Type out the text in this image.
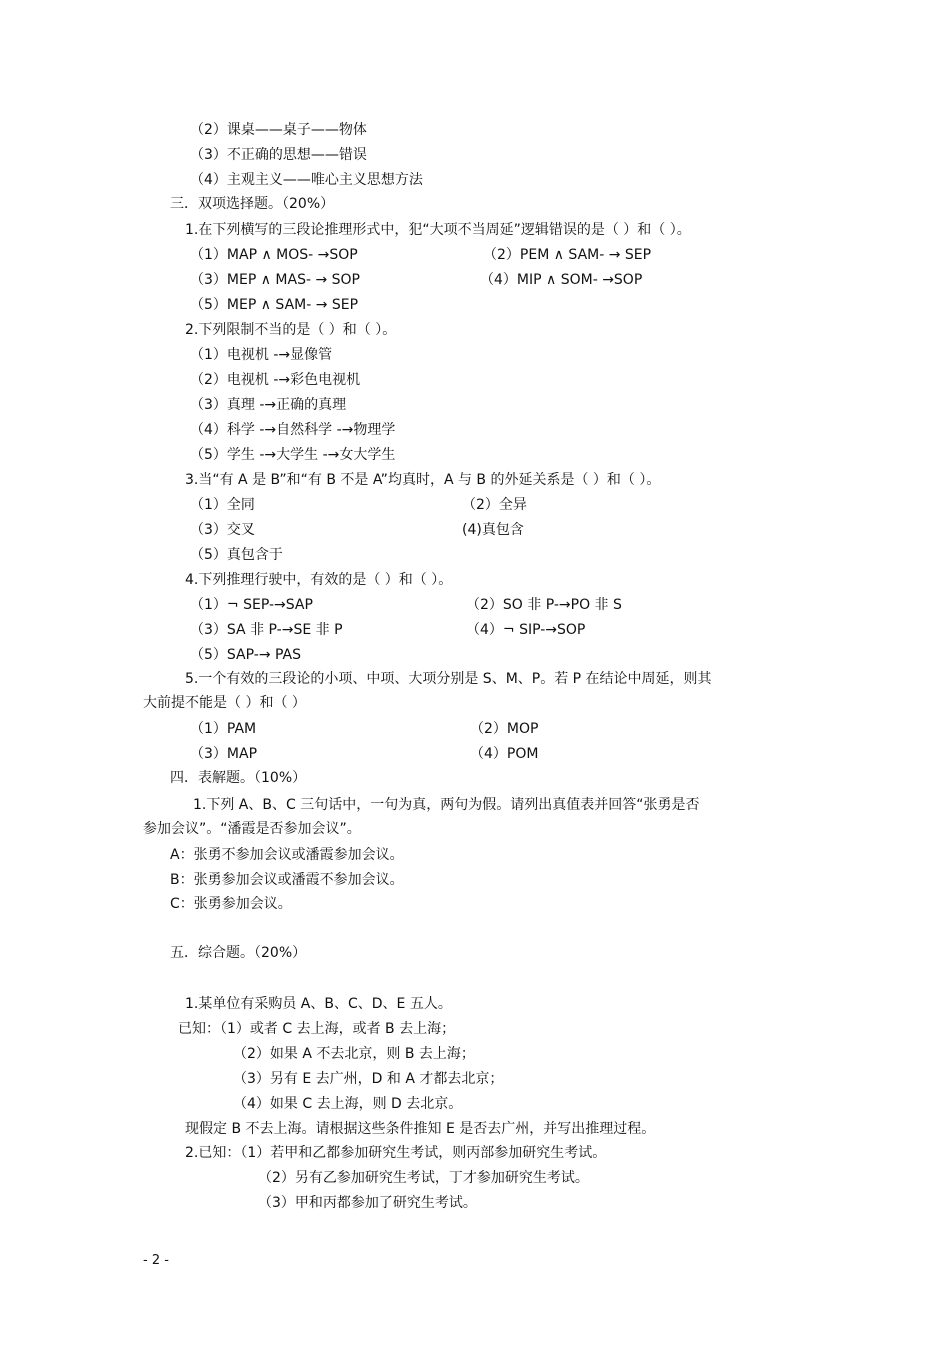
（2）课桌——桌子——物体
（3）不正确的思想——错误
（4）主观主义——唯心主义思想方法
三．双项选择题。（20%）
1.在下列横写的三段论推理形式中，犯“大项不当周延”逻辑错误的是（ ）和（ ）。
（1）MAP ∧ MOS- →SOP	（2）PEM ∧ SAM- → SEP
（3）MEP ∧ MAS- → SOP	（4）MIP ∧ SOM- →SOP
（5）MEP ∧ SAM- → SEP
2.下列限制不当的是（ ）和（ ）。
（1）电视机 -→显像管
（2）电视机 -→彩色电视机
（3）真理 -→正确的真理
（4）科学 -→自然科学 -→物理学
（5）学生 -→大学生 -→女大学生
3.当“有 A 是 B”和“有 B 不是 A”均真时，A 与 B 的外延关系是（ ）和（ ）。
（1）全同	（2）全异
（3）交叉	(4)真包含
（5）真包含于
4.下列推理行驶中，有效的是（ ）和（ ）。
（1）¬ SEP-→SAP	（2）SO 非 P-→PO 非 S
（3）SA 非 P-→SE 非 P	（4）¬ SIP-→SOP
（5）SAP-→ PAS
5.一个有效的三段论的小项、中项、大项分别是 S、M、P。若 P 在结论中周延，则其
大前提不能是（ ）和（ ）
（1）PAM	（2）MOP
（3）MAP	（4）POM
四．表解题。（10%）
1.下列 A、B、C 三句话中，一句为真，两句为假。请列出真值表并回答“张勇是否
参加会议”。“潘霞是否参加会议”。
A：张勇不参加会议或潘霞参加会议。
B：张勇参加会议或潘霞不参加会议。
C：张勇参加会议。
五．综合题。（20%）
1.某单位有采购员 A、B、C、D、E 五人。
已知：（1）或者 C 去上海，或者 B 去上海；
（2）如果 A 不去北京，则 B 去上海；
（3）另有 E 去广州，D 和 A 才都去北京；
（4）如果 C 去上海，则 D 去北京。
现假定 B 不去上海。请根据这些条件推知 E 是否去广州，并写出推理过程。
2.已知：（1）若甲和乙都参加研究生考试，则丙部参加研究生考试。
（2）另有乙参加研究生考试，丁才参加研究生考试。
（3）甲和丙都参加了研究生考试。
- 2 -
